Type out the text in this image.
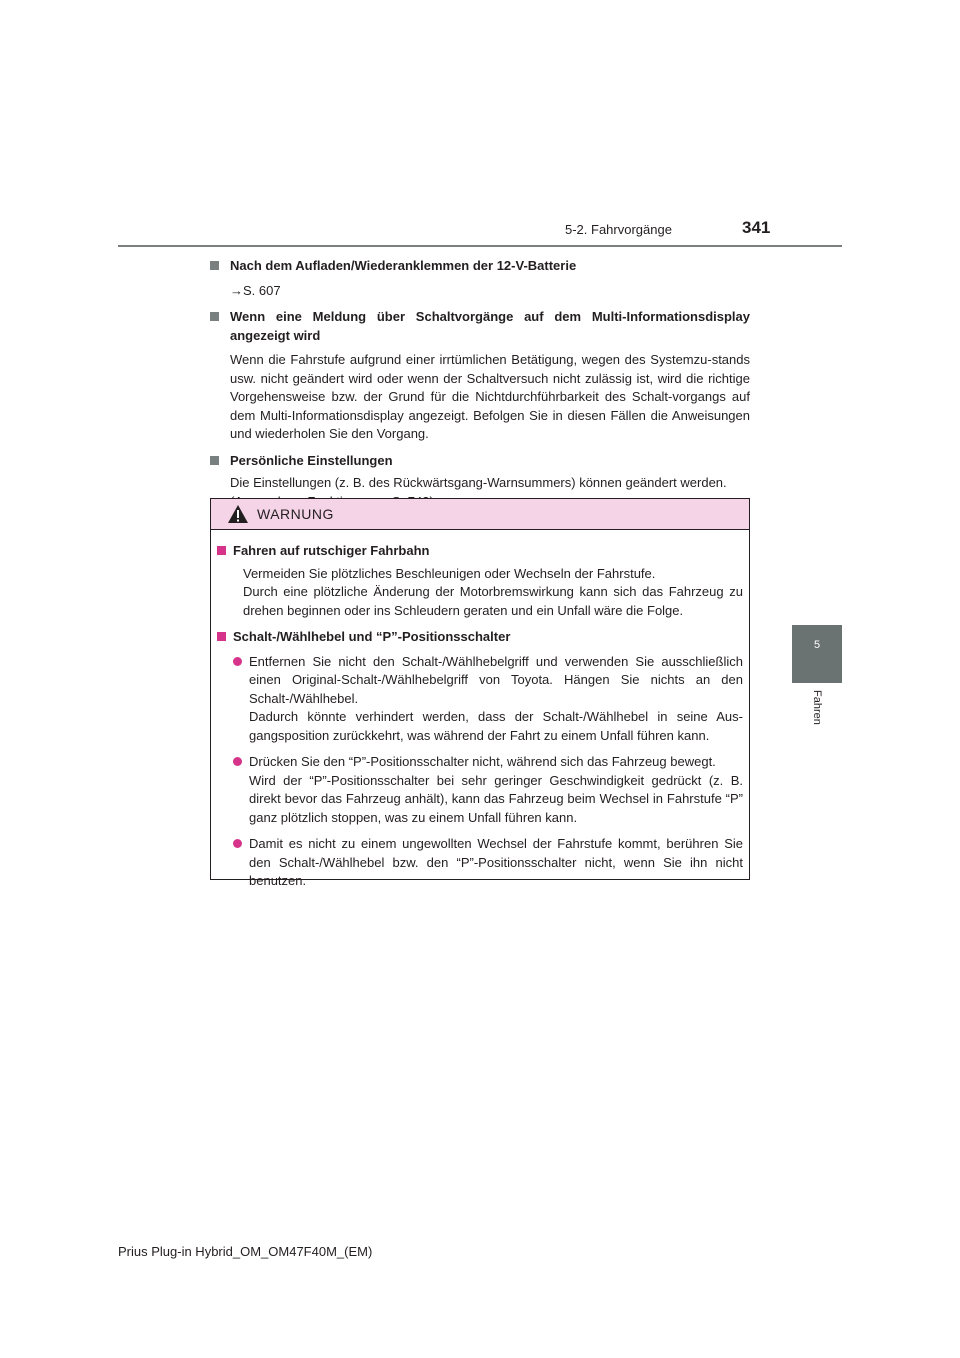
5-2. Fahrvorgänge	341
5
Fahren

Nach dem Aufladen/Wiederanklemmen der 12-V-Batterie

→S. 607

Wenn eine Meldung über Schaltvorgänge auf dem Multi-Informationsdisplay angezeigt wird

Wenn die Fahrstufe aufgrund einer irrtümlichen Betätigung, wegen des Systemzu-stands usw. nicht geändert wird oder wenn der Schaltversuch nicht zulässig ist, wird die richtige Vorgehensweise bzw. der Grund für die Nichtdurchführbarkeit des Schalt-vorgangs auf dem Multi-Informationsdisplay angezeigt. Befolgen Sie in diesen Fällen die Anweisungen und wiederholen Sie den Vorgang.

Persönliche Einstellungen

Die Einstellungen (z. B. des Rückwärtsgang-Warnsummers) können geändert werden.

WARNUNG

Fahren auf rutschiger Fahrbahn

Vermeiden Sie plötzliches Beschleunigen oder Wechseln der Fahrstufe.

Durch eine plötzliche Änderung der Motorbremswirkung kann sich das Fahrzeug zu drehen beginnen oder ins Schleudern geraten und ein Unfall wäre die Folge.

Schalt-/Wählhebel und “P”-Positionsschalter

Entfernen Sie nicht den Schalt-/Wählhebelgriff und verwenden Sie ausschließlich einen Original-Schalt-/Wählhebelgriff von Toyota. Hängen Sie nichts an den Schalt-/Wählhebel.

Dadurch könnte verhindert werden, dass der Schalt-/Wählhebel in seine Aus-gangsposition zurückkehrt, was während der Fahrt zu einem Unfall führen kann.

Drücken Sie den “P”-Positionsschalter nicht, während sich das Fahrzeug bewegt.

Wird der “P”-Positionsschalter bei sehr geringer Geschwindigkeit gedrückt (z. B. direkt bevor das Fahrzeug anhält), kann das Fahrzeug beim Wechsel in Fahrstufe “P” ganz plötzlich stoppen, was zu einem Unfall führen kann.

Damit es nicht zu einem ungewollten Wechsel der Fahrstufe kommt, berühren Sie den Schalt-/Wählhebel bzw. den “P”-Positionsschalter nicht, wenn Sie ihn nicht benutzen.

Prius Plug-in Hybrid_OM_OM47F40M_(EM)
